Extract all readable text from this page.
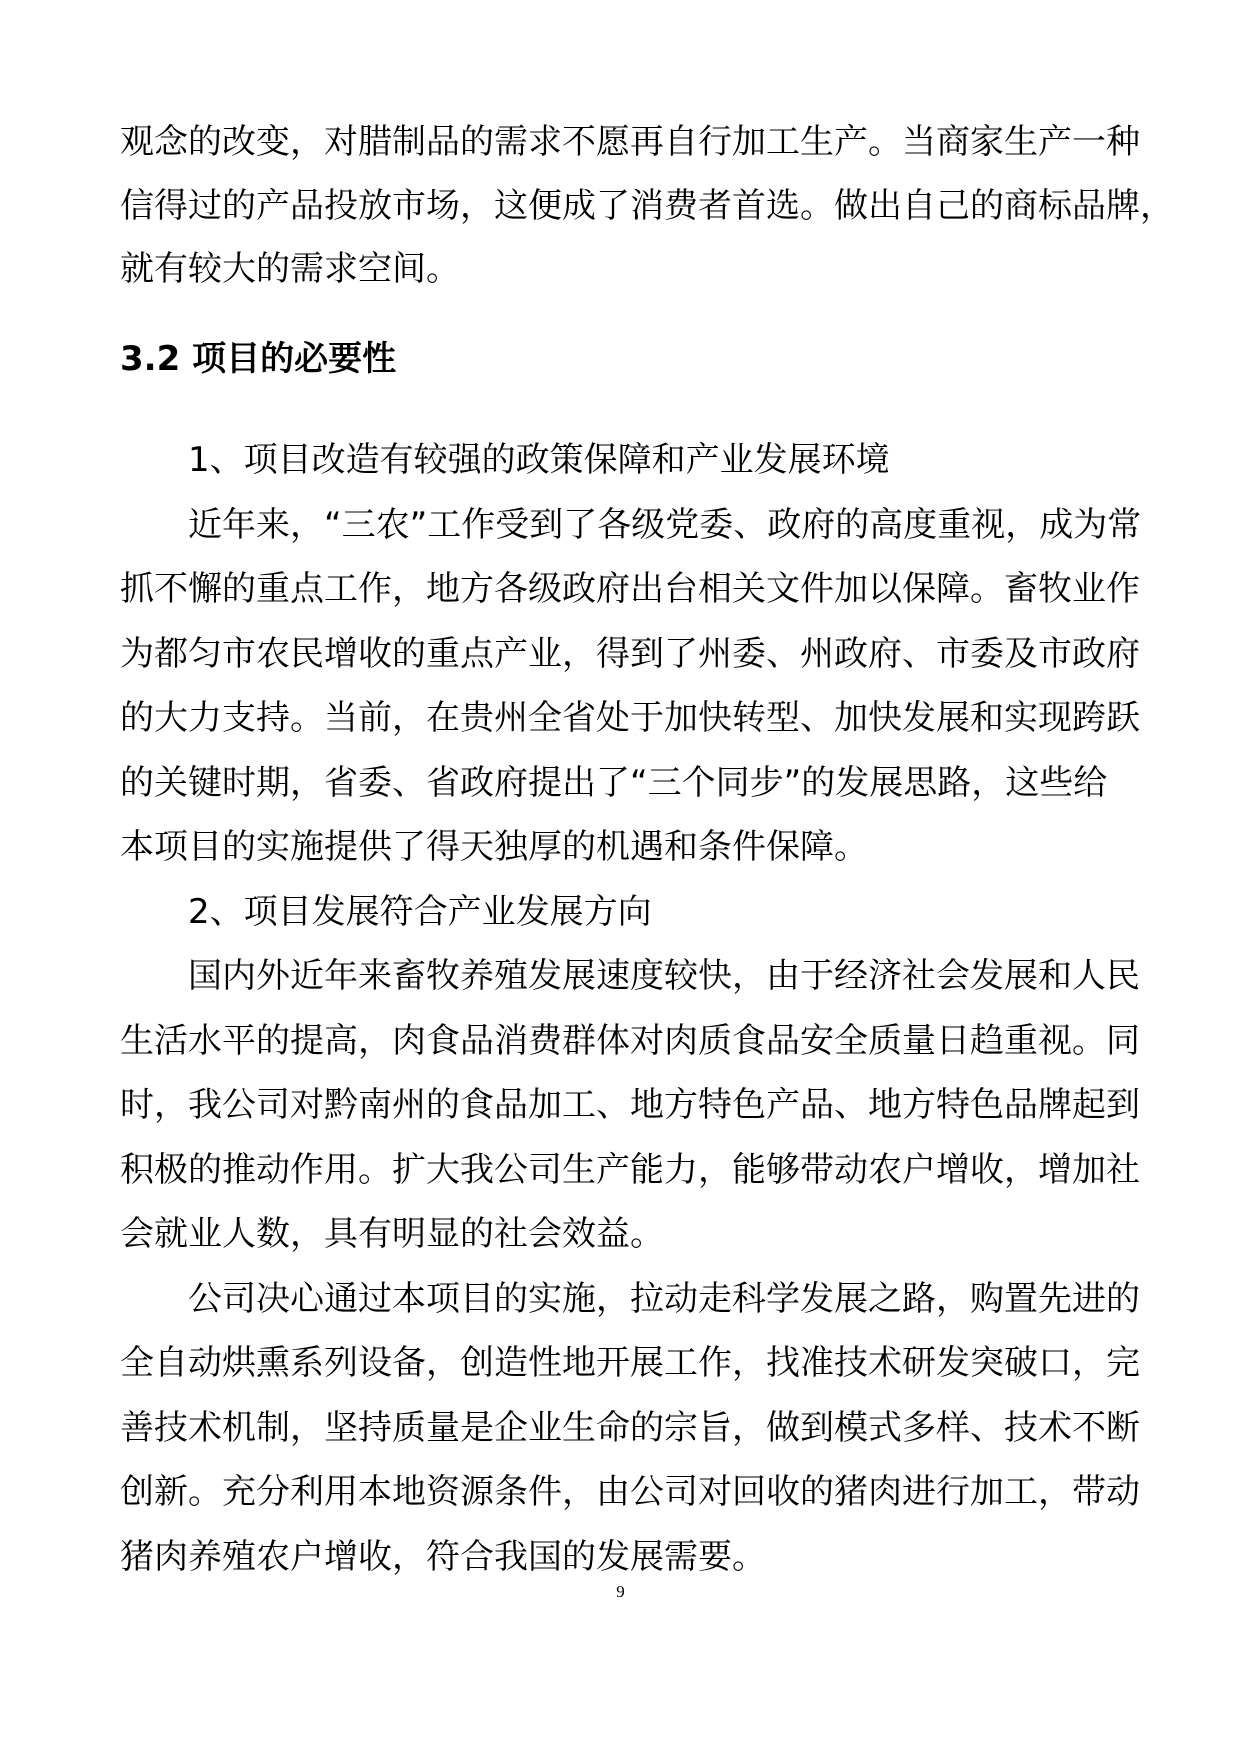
观念的改变，对腊制品的需求不愿再自行加工生产。当商家生产一种
信得过的产品投放市场，这便成了消费者首选。做出自己的商标品牌，
就有较大的需求空间。
3.2 项目的必要性
1、项目改造有较强的政策保障和产业发展环境
近年来，“三农”工作受到了各级党委、政府的高度重视，成为常
抓不懈的重点工作，地方各级政府出台相关文件加以保障。畜牧业作
为都匀市农民增收的重点产业，得到了州委、州政府、市委及市政府
的大力支持。当前，在贵州全省处于加快转型、加快发展和实现跨跃
的关键时期，省委、省政府提出了“三个同步”的发展思路，这些给
本项目的实施提供了得天独厚的机遇和条件保障。
2、项目发展符合产业发展方向
国内外近年来畜牧养殖发展速度较快，由于经济社会发展和人民
生活水平的提高，肉食品消费群体对肉质食品安全质量日趋重视。同
时，我公司对黔南州的食品加工、地方特色产品、地方特色品牌起到
积极的推动作用。扩大我公司生产能力，能够带动农户增收，增加社
会就业人数，具有明显的社会效益。
公司决心通过本项目的实施，拉动走科学发展之路，购置先进的
全自动烘熏系列设备，创造性地开展工作，找准技术研发突破口，完
善技术机制，坚持质量是企业生命的宗旨，做到模式多样、技术不断
创新。充分利用本地资源条件，由公司对回收的猪肉进行加工，带动
猪肉养殖农户增收，符合我国的发展需要。
9
